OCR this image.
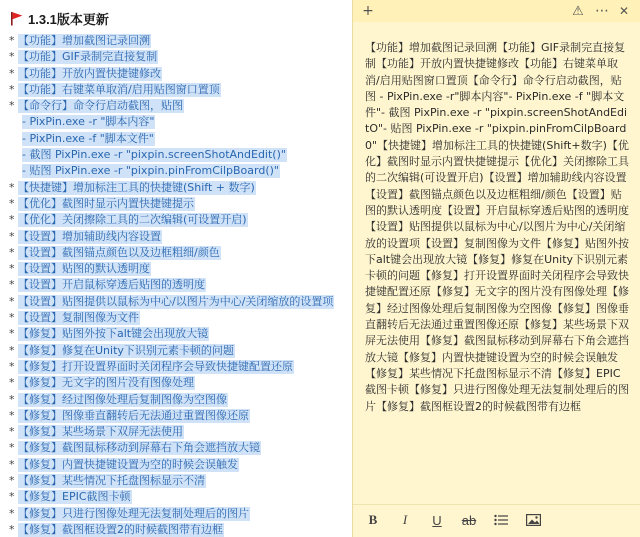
1.3.1版本更新
* 【功能】增加截图记录回溯
* 【功能】GIF录制完直接复制
* 【功能】开放内置快捷键修改
* 【功能】右键菜单取消/启用贴图窗口置顶
* 【命令行】命令行启动截图，贴图
- PixPin.exe -r "脚本内容"
- PixPin.exe -f "脚本文件"
- 截图 PixPin.exe -r "pixpin.screenShotAndEdit()"
- 贴图 PixPin.exe -r "pixpin.pinFromCilpBoard()"
* 【快捷键】增加标注工具的快捷键(Shift + 数字)
* 【优化】截图时显示内置快捷键提示
* 【优化】关闭擦除工具的二次编辑(可设置开启)
* 【设置】增加辅助线内容设置
* 【设置】截图锚点颜色以及边框粗细/颜色
* 【设置】贴图的默认透明度
* 【设置】开启鼠标穿透后贴图的透明度
* 【设置】贴图提供以鼠标为中心/以图片为中心/关闭缩放的设置项
* 【设置】复制图像为文件
* 【修复】贴图外按下alt键会出现放大镜
* 【修复】修复在Unity下识别元素卡顿的问题
* 【修复】打开设置界面时关闭程序会导致快捷键配置还原
* 【修复】无文字的图片没有图像处理
* 【修复】经过图像处理后复制图像为空图像
* 【修复】图像垂直翻转后无法通过重置图像还原
* 【修复】某些场景下双屏无法使用
* 【修复】截图鼠标移动到屏幕右下角会遮挡放大镜
* 【修复】内置快捷键设置为空的时候会误触发
* 【修复】某些情况下托盘图标显示不清
* 【修复】EPIC截图卡顿
* 【修复】只进行图像处理无法复制处理后的图片
* 【修复】截图框设置2的时候截图带有边框
+	⚠ ⋯ ✕
【功能】增加截图记录回溯【功能】GIF录制完直接复制【功能】开放内置快捷键修改【功能】右键菜单取消/启用贴图窗口置顶【命令行】命令行启动截图，贴图 - PixPin.exe -r"脚本内容"- PixPin.exe -f "脚本文件"- 截图 PixPin.exe -r "pixpin.screenShotAndEditO"- 贴图 PixPin.exe -r "pixpin.pinFromCilpBoard0"【快捷键】增加标注工具的快捷键(Shift+数字)【优化】截图时显示内置快捷键提示【优化】关闭擦除工具的二次编辑(可设置开启)【设置】增加辅助线内容设置【设置】截图锚点颜色以及边框粗细/颜色【设置】贴图的默认透明度【设置】开启鼠标穿透后贴图的透明度【设置】贴图提供以鼠标为中心/以图片为中心/关闭缩放的设置项【设置】复制图像为文件【修复】贴图外按下alt键会出现放大镜【修复】修复在Unity下识别元素卡顿的问题【修复】打开设置界面时关闭程序会导致快捷键配置还原【修复】无文字的图片没有图像处理【修复】经过图像处理后复制图像为空图像【修复】图像垂直翻转后无法通过重置图像还原【修复】某些场景下双屏无法使用【修复】截图鼠标移动到屏幕右下角会遮挡放大镜【修复】内置快捷键设置为空的时候会误触发【修复】某些情况下托盘图标显示不清【修复】EPIC截图卡顿【修复】只进行图像处理无法复制处理后的图片【修复】截图框设置2的时候截图带有边框
B I U ab
